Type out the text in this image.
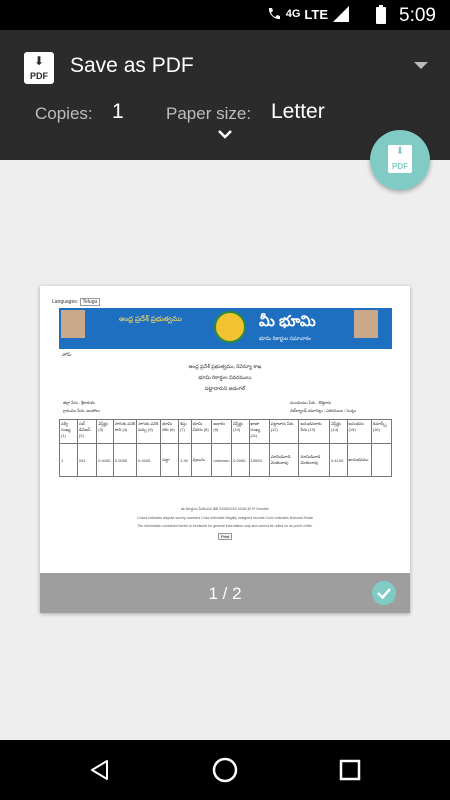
4G LTE	5:09
⬇
PDF Save as PDF
Copies: 1 Paper size: Letter
⬇
PDF
Languages: Telugu
ఆంధ్ర ప్రదేశ్ ప్రభుత్వము	మీ భూమి
భూమి రికార్డుల సమాచారం
హోమ్
ఆంధ్ర ప్రదేశ్ ప్రభుత్వము, రెవెన్యూ శాఖ
భూమి రికార్డుల వివరములు
పట్టాదారుని అడంగల్
జిల్లా పేరు : శ్రీకాకుళం
గ్రామము పేరు: అంపోలు
మండలము పేరు : కొత్తూరు
వెబ్‌ల్యాండ్ యూనిట్లు : ఎకరములు / సెంట్లు
సర్వే సంఖ్య (1)	సబ్ డివిజన్ (2)	విస్తీర్ణం (3)	సాగుకు పనికి రాని (4)	సాగుకు పనికి వచ్చు (5)	భూమి రకం (6)	శిస్తు (7)	భూమి వివరం (8)	ఆధారం (9)	విస్తీర్ణం (10)	ఖాతా సంఖ్య (11)	పట్టాదారు పేరు (12)	అనుభవదారు పేరు (13)	విస్తీర్ణం (14)	అనుభవం (15)	రిమార్క్స్ (16)
1	241	0.4100	0.0000	0.4100	పట్టా	1.30	పులుసు	unknown	0.0000	10093	మామిడివాడి వెంకటరావు	మామిడివాడి వెంకటరావు	0.4100	ఖానుభవము	
ఈ రికార్డులు సేకరించిన తేదీ 24/06/2018 16:56:30 IP Number
Colors indicates dispute survey numbers Color indicates illegally unsigned records Color indicates Notional Khata
The information contained herein is furnished for general information only and cannot be relied on as proof of title.
Print
1 / 2
